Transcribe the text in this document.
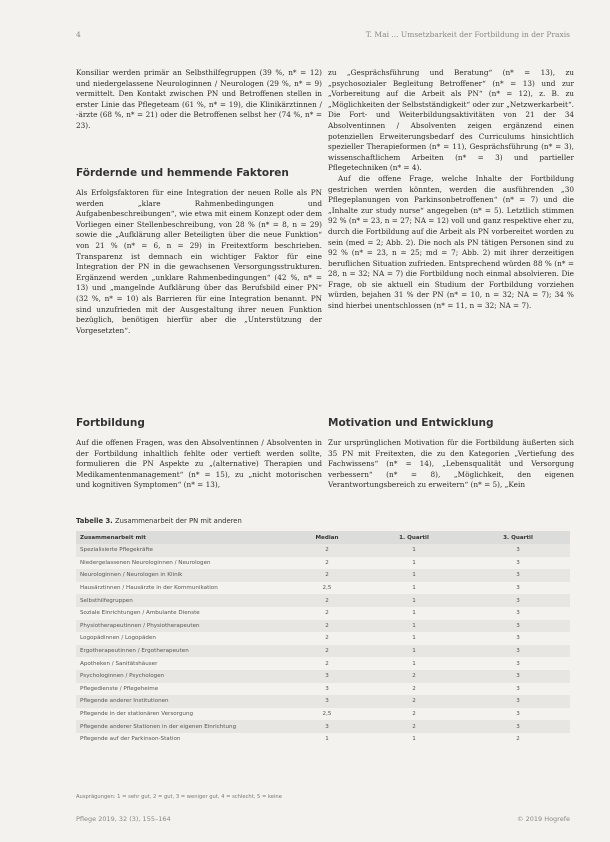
4	T. Mai ... Umsetzbarkeit der Fortbildung in der Praxis

Konsiliar werden primär an Selbsthilfegruppen (39 %, n* = 12) und niedergelassene Neurologinnen / Neurologen (29 %, n* = 9) vermittelt. Den Kontakt zwischen PN und Betroffenen stellen in erster Linie das Pflegeteam (61 %, n* = 19), die Klinikärztinnen / -ärzte (68 %, n* = 21) oder die Betroffenen selbst her (74 %, n* = 23).

Fördernde und hemmende Faktoren

Als Erfolgsfaktoren für eine Integration der neuen Rolle als PN werden „klare Rahmenbedingungen und Aufgabenbeschreibungen“, wie etwa mit einem Konzept oder dem Vorliegen einer Stellenbeschreibung, von 28 % (n* = 8, n = 29) sowie die „Aufklärung aller Beteiligten über die neue Funktion“ von 21 % (n* = 6, n = 29) in Freitextform beschrieben. Transparenz ist demnach ein wichtiger Faktor für eine Integration der PN in die gewachsenen Versorgungsstrukturen. Ergänzend werden „unklare Rahmenbedingungen“ (42 %, n* = 13) und „mangelnde Aufklärung über das Berufsbild einer PN“ (32 %, n* = 10) als Barrieren für eine Integration benannt. PN sind unzufrieden mit der Ausgestaltung ihrer neuen Funktion bezüglich, benötigen hierfür aber die „Unterstützung der Vorgesetzten“.

Fortbildung

Auf die offenen Fragen, was den Absolventinnen / Absolventen in der Fortbildung inhaltlich fehlte oder vertieft werden sollte, formulieren die PN Aspekte zu „(alternative) Therapien und Medikamentenmanagement“ (n* = 15), zu „nicht motorischen und kognitiven Symptomen“ (n* = 13),

zu „Gesprächsführung und Beratung“ (n* = 13), zu „psychosozialer Begleitung Betroffener“ (n* = 13) und zur „Vorbereitung auf die Arbeit als PN“ (n* = 12), z. B. zu „Möglichkeiten der Selbstständigkeit“ oder zur „Netzwerkarbeit“. Die Fort- und Weiterbildungsaktivitäten von 21 der 34 Absolventinnen / Absolventen zeigen ergänzend einen potenziellen Erweiterungsbedarf des Curriculums hinsichtlich spezieller Therapieformen (n* = 11), Gesprächsführung (n* = 3), wissenschaftlichem Arbeiten (n* = 3) und partieller Pflegetechniken (n* = 4).

Auf die offene Frage, welche Inhalte der Fortbildung gestrichen werden könnten, werden die ausführenden „30 Pflegeplanungen von Parkinsonbetroffenen“ (n* = 7) und die „Inhalte zur study nurse“ angegeben (n* = 5). Letztlich stimmen 92 % (n* = 23, n = 27; NA = 12) voll und ganz respektive eher zu, durch die Fortbildung auf die Arbeit als PN vorbereitet worden zu sein (med = 2; Abb. 2). Die noch als PN tätigen Personen sind zu 92 % (n* = 23, n = 25; md = 7; Abb. 2) mit ihrer derzeitigen beruflichen Situation zufrieden. Entsprechend würden 88 % (n* = 28, n = 32; NA = 7) die Fortbildung noch einmal absolvieren. Die Frage, ob sie aktuell ein Studium der Fortbildung vorziehen würden, bejahen 31 % der PN (n* = 10, n = 32; NA = 7); 34 % sind hierbei unentschlossen (n* = 11, n = 32; NA = 7).

Motivation und Entwicklung

Zur ursprünglichen Motivation für die Fortbildung äußerten sich 35 PN mit Freitexten, die zu den Kategorien „Vertiefung des Fachwissens“ (n* = 14), „Lebensqualität und Versorgung verbessern“ (n* = 8), „Möglichkeit, den eigenen Verantwortungsbereich zu erweitern“ (n* = 5), „Kein

Tabelle 3. Zusammenarbeit der PN mit anderen
Zusammenarbeit mit	Median	1. Quartil	3. Quartil
Spezialisierte Pflegekräfte	2	1	3
Niedergelassenen Neurologinnen / Neurologen	2	1	3
Neurologinnen / Neurologen in Klinik	2	1	3
Hausärztinnen / Hausärzte in der Kommunikation	2,5	1	3
Selbsthilfegruppen	2	1	3
Soziale Einrichtungen / Ambulante Dienste	2	1	3
Physiotherapeutinnen / Physiotherapeuten	2	1	3
Logopädinnen / Logopäden	2	1	3
Ergotherapeutinnen / Ergotherapeuten	2	1	3
Apotheken / Sanitätshäuser	2	1	3
Psychologinnen / Psychologen	3	2	3
Pflegedienste / Pflegeheime	3	2	3
Pflegende anderer Institutionen	3	2	3
Pflegende in der stationären Versorgung	2,5	2	3
Pflegende anderer Stationen in der eigenen Einrichtung	3	2	3
Pflegende auf der Parkinson-Station	1	1	2
Ausprägungen: 1 = sehr gut, 2 = gut, 3 = weniger gut, 4 = schlecht, 5 = keine
Pflege 2019, 32 (3), 155–164	© 2019 Hogrefe
